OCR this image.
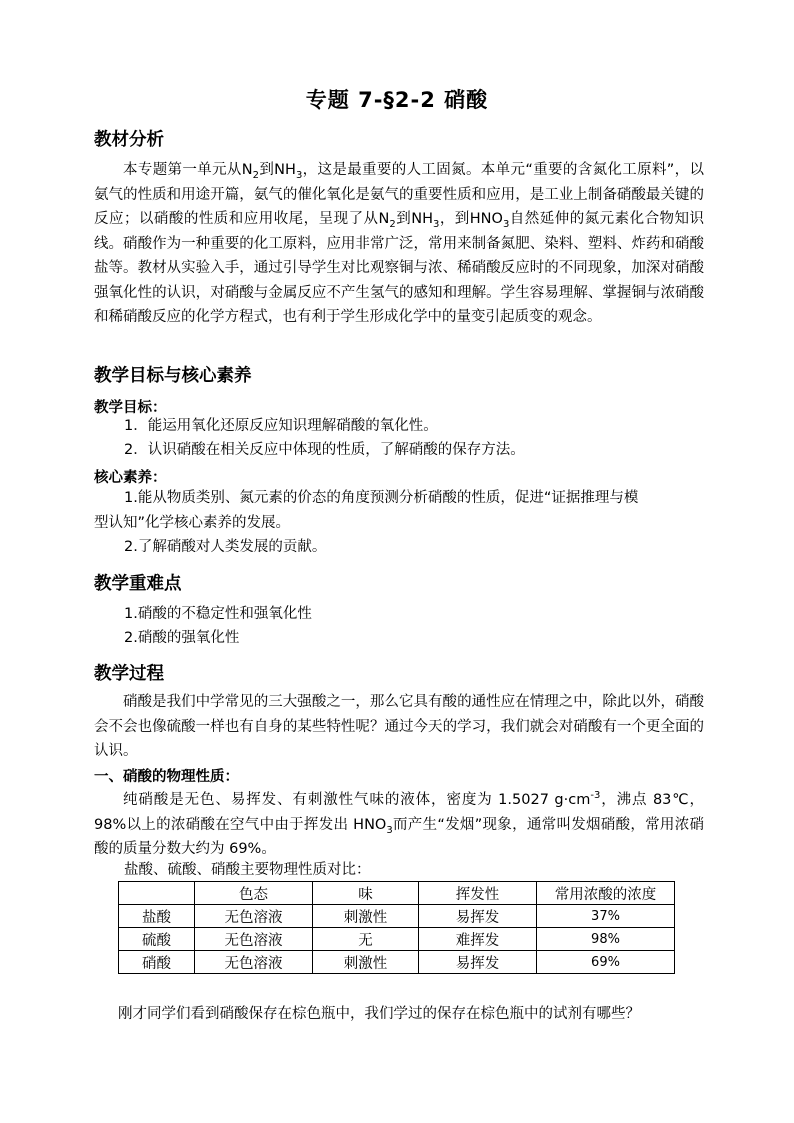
专题 7-§2-2 硝酸
教材分析
本专题第一单元从$N_2$到$NH_3$，这是最重要的人工固氮。本单元“重要的含氮化工原料”，以氨气的性质和用途开篇，氨气的催化氧化是氨气的重要性质和应用，是工业上制备硝酸最关键的反应；以硝酸的性质和应用收尾，呈现了从$N_2$到$NH_3$，到$HNO_3$自然延伸的氮元素化合物知识线。硝酸作为一种重要的化工原料，应用非常广泛，常用来制备氮肥、染料、塑料、炸药和硝酸盐等。教材从实验入手，通过引导学生对比观察铜与浓、稀硝酸反应时的不同现象，加深对硝酸强氧化性的认识，对硝酸与金属反应不产生氢气的感知和理解。学生容易理解、掌握铜与浓硝酸和稀硝酸反应的化学方程式，也有利于学生形成化学中的量变引起质变的观念。
教学目标与核心素养
教学目标：
1．能运用氧化还原反应知识理解硝酸的氧化性。
2．认识硝酸在相关反应中体现的性质，了解硝酸的保存方法。
核心素养：
1.能从物质类别、氮元素的价态的角度预测分析硝酸的性质，促进“证据推理与模
型认知”化学核心素养的发展。
2.了解硝酸对人类发展的贡献。
教学重难点
1.硝酸的不稳定性和强氧化性
2.硝酸的强氧化性
教学过程
硝酸是我们中学常见的三大强酸之一，那么它具有酸的通性应在情理之中，除此以外，硝酸会不会也像硫酸一样也有自身的某些特性呢？通过今天的学习，我们就会对硝酸有一个更全面的认识。
一、硝酸的物理性质：
纯硝酸是无色、易挥发、有刺激性气味的液体，密度为 1.5027 $g\cdot cm^{-3}$，沸点 83℃，98%以上的浓硝酸在空气中由于挥发出 $HNO_3$而产生“发烟”现象，通常叫发烟硝酸，常用浓硝酸的质量分数大约为 69%。
盐酸、硫酸、硝酸主要物理性质对比：
	色态	味	挥发性	常用浓酸的浓度
盐酸	无色溶液	刺激性	易挥发	37%
硫酸	无色溶液	无	难挥发	98%
硝酸	无色溶液	刺激性	易挥发	69%
刚才同学们看到硝酸保存在棕色瓶中，我们学过的保存在棕色瓶中的试剂有哪些？
